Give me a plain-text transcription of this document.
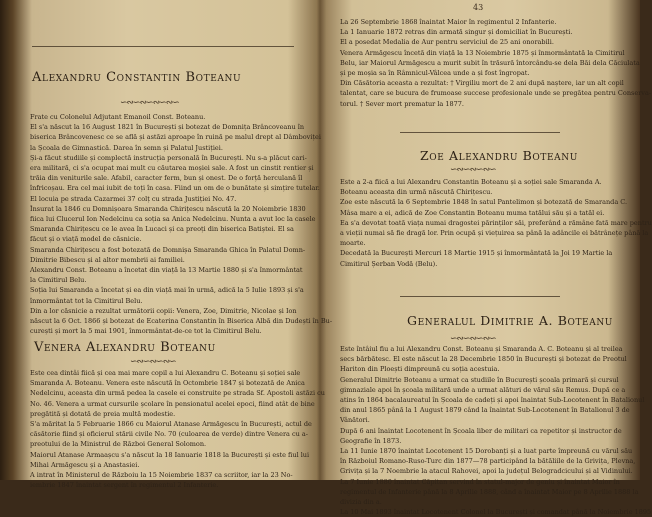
Alexandru Constantin Boteanu
∽∾∽∾∽∾∽∾∽
Frate cu Colonelul Adjutant Emanoil Const. Boteanu.
El s'a născut la 16 August 1821 în București și botezat de Domnița Brâncoveanu în
biserica Brâncovenesc ce se află și astăzi aproape în ruină pe malul drept al Dâmboviței
la Școala de Gimnastică. Darea în semn și Palatul Justiției.
Și-a făcut studiile și complectă instrucția personală în București. Nu s-a plăcut cari-
era militară, ci s'a ocupat mai mult cu căutarea moșiei sale. A fost un cinstit rentier și
trăia din veniturile sale. Afabil, caracter ferm, bun și onest. De o forță herculană îl
înfricoșau. Era cel mai iubit de toți în casa. Fiind un om de o bunătate și simțire tutelar.
El locuia pe strada Cazarmei 37 colț cu strada Justiției No. 47.
Însurat la 1846 cu Domnișoara Smaranda Chirițescu născută la 20 Noiembrie 1830
fiica lui Clucerul Ion Nedelcinu ca soția sa Anica Nedelcinu. Nunta a avut loc la casele
Smaranda Chirițescu ce le avea în Lucaci și ca preoți din biserica Batiștei. El sa
făcut și o viață model de căsnicie.
Smaranda Chirițescu a fost botezată de Domnișa Smaranda Ghica în Palatul Domn-
Dimitrie Bibescu și al altor membrii ai familiei.
Alexandru Const. Boteanu a încetat din viață la 13 Martie 1880 și s'a înmormântat
la Cimitirul Belu.
Soția lui Smaranda a încetat și ea din viață mai în urmă, adică la 5 Iulie 1893 și s'a
înmormântat tot la Cimitirul Belu.
Din a lor căsnicie a rezultat următorii copii: Venera, Zoe, Dimitrie, Nicolae și Ion
născut la 6 Oct. 1866 și botezat de Ecaterina Constantin în Biserica Albă din Dudești în Bu-
curești și mort la 5 mai 1901, înmormântat-de-ce tot la Cimitirul Belu.
Venera Alexandru Boteanu
∽∾∽∾∽∾∽
Este cea dintâi fiică și cea mai mare copil a lui Alexandru C. Boteanu și soției sale
Smaranda A. Boteanu. Venera este născută în Octombrie 1847 și botezată de Anica
Nedelcinu, aceasta din urmă pedea la casele ei construite pe strada Sf. Apostoli astăzi cu
No. 46. Venera a urmat cursurile școlare în pensionatul acelei epoci, fiind atât de bine
pregătită și dotată de preia multă modestie.
S'a măritat la 5 Februarie 1866 cu Maiorul Atanase Armăgescu în București, actul de
căsătorie fiind și oficierul stării civile No. 70 (culoarea de verde) dintre Venera cu a-
preotului de la Ministrul de Război General Solomon.
Maiorul Atanase Armaașcu s'a născut la 18 Ianuarie 1818 la București și este fiul lui
Mihai Armăgescu și a Anastasiei.
A intrat în Ministerul de Războiu la 15 Noiembrie 1837 ca scriitor, iar la 23 No-
iembrie 1847 înaintat sergent în regimentul 2 Infanterie.
43
La 26 Septembrie 1868 înaintat Maior în regimentul 2 Infanterie.
La 1 Ianuarie 1872 retras din armată singur și domiciliat în București.
El a posedat Medalia de Aur pentru serviciul de 25 ani onorabili.
Venera Armăgescu încetă din viață la 13 Noiembrie 1875 și înmormântată la Cimitirul
Belu, iar Maiorul Armăgescu a murit subit în trăsură întorcându-se dela Băi dela Căciulata
și pe moșia sa în Râmnicul-Vâlcea unde a și fost îngropat.
Din Căsătoria aceasta a rezultat: † Virgiliu mort de 2 ani după naștere, iar un alt copil
talentat, care se bucura de frumoase succese profesionale unde se pregătea pentru Conserva-
torul. † Sever mort prematur la 1877.
Zoe Alexandru Boteanu
∽∾∽∾∽∾∽
Este a 2-a fiică a lui Alexandru Constantin Boteanu și a soției sale Smaranda A.
Boteanu aceasta din urmă născută Chirițescu.
Zoe este născută la 6 Septembrie 1848 în satul Pantelimon și botezată de Smaranda C.
Mâsa mare a ei, adică de Zoe Constantin Boteanu muma tatălui său și a tatăl ei.
Ea s'a devotat toată viața numai dragostei părinților săi, preferând a rămâne fată mare pentru
a vieții numai să fie dragă lor. Prin ocupă și viețuirea sa până la adâncile ei bătrânețe până la
moarte.
Decedată la București Mercuri 18 Martie 1915 și înmormântată la Joi 19 Martie la
Cimitirul Șerban Vodă (Belu).
Generalul Dimitrie A. Boteanu
∽∾∽∾∽∾∽
Este întâiul fiu a lui Alexandru Const. Boteanu și Smaranda A. C. Boteanu și al treilea
secs bărbătesc. El este născut la 28 Decembrie 1850 în București și botezat de Preotul
Hariton din Ploești dimpreună cu soția acestuia.
Generalul Dimitrie Boteanu a urmat ca studiile în București școala primară și cursul
gimnaziale apoi în școala militară unde a urmat alături de vărul său Remus. După ce a
atins în 1864 bacalaureatul în Școala de cadeți și apoi înaintat Sub-Locotenent în Batalionul
din anul 1865 până la 1 August 1879 când la înaintat Sub-Locotenent în Batalionul 3 de
Vânători.
După 6 ani înaintat Locotenent în Școala liber de militari ca repetitor și instructor de
Geografie în 1873.
La 11 Iunie 1870 înaintat Locotenent 15 Dorobanți și a luat parte împreună cu vărul său
în Războiul Romano-Ruso-Turc din 1877—78 participând la bătăliile de la Grivița, Plevna,
Grivița și la 7 Noembrie la atacul Rahovei, apoi la județul Belogradcicului și al Vidinului.
La 7 Iunie 1880 înaintat Căpitan servind în statul-major de geniu și înaintat Maior în
regimentul de Infanterie până la 8 Aprilie 1888, când a înaintat Maior pe 8 Aprilie 1888 la
divizia din a.
La 10 Mai 1893 înaintat Locotenent Colonel la București și comandat până la Noiembrie 1895
